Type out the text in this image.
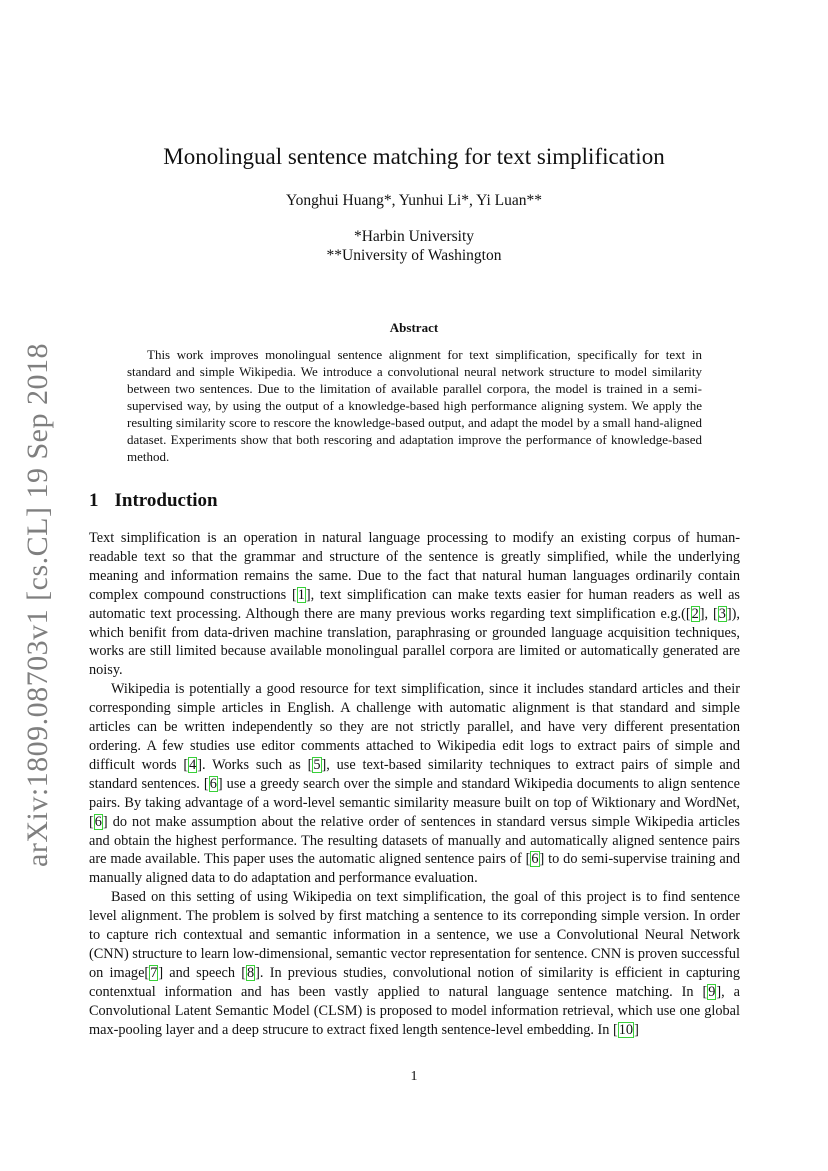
arXiv:1809.08703v1 [cs.CL] 19 Sep 2018
Monolingual sentence matching for text simplification
Yonghui Huang*, Yunhui Li*, Yi Luan**
*Harbin University
**University of Washington
Abstract

This work improves monolingual sentence alignment for text simplification, specifically for text in standard and simple Wikipedia. We introduce a convolutional neural network structure to model similarity between two sentences. Due to the limitation of available parallel corpora, the model is trained in a semi-supervised way, by using the output of a knowledge-based high performance aligning system. We apply the resulting similarity score to rescore the knowledge-based output, and adapt the model by a small hand-aligned dataset. Experiments show that both rescoring and adaptation improve the performance of knowledge-based method.

1 Introduction

Text simplification is an operation in natural language processing to modify an existing corpus of human-readable text so that the grammar and structure of the sentence is greatly simplified, while the underlying meaning and information remains the same. Due to the fact that natural human languages ordinarily contain complex compound constructions [1], text simplification can make texts easier for human readers as well as automatic text processing. Although there are many previous works regarding text simplification e.g.([2], [3]), which benifit from data-driven machine translation, paraphrasing or grounded language acquisition techniques, works are still limited because available monolingual parallel corpora are limited or automatically generated are noisy.

Wikipedia is potentially a good resource for text simplification, since it includes standard articles and their corresponding simple articles in English. A challenge with automatic alignment is that standard and simple articles can be written independently so they are not strictly parallel, and have very different presentation ordering. A few studies use editor comments attached to Wikipedia edit logs to extract pairs of simple and difficult words [4]. Works such as [5], use text-based similarity techniques to extract pairs of simple and standard sentences. [6] use a greedy search over the simple and standard Wikipedia documents to align sentence pairs. By taking advantage of a word-level semantic similarity measure built on top of Wiktionary and WordNet, [6] do not make assumption about the relative order of sentences in standard versus simple Wikipedia articles and obtain the highest performance. The resulting datasets of manually and automatically aligned sentence pairs are made available. This paper uses the automatic aligned sentence pairs of [6] to do semi-supervise training and manually aligned data to do adaptation and performance evaluation.

Based on this setting of using Wikipedia on text simplification, the goal of this project is to find sentence level alignment. The problem is solved by first matching a sentence to its correponding simple version. In order to capture rich contextual and semantic information in a sentence, we use a Convolutional Neural Network (CNN) structure to learn low-dimensional, semantic vector representation for sentence. CNN is proven successful on image[7] and speech [8]. In previous studies, convolutional notion of similarity is efficient in capturing contenxtual information and has been vastly applied to natural language sentence matching. In [9], a Convolutional Latent Semantic Model (CLSM) is proposed to model information retrieval, which use one global max-pooling layer and a deep strucure to extract fixed length sentence-level embedding. In [10]

1
